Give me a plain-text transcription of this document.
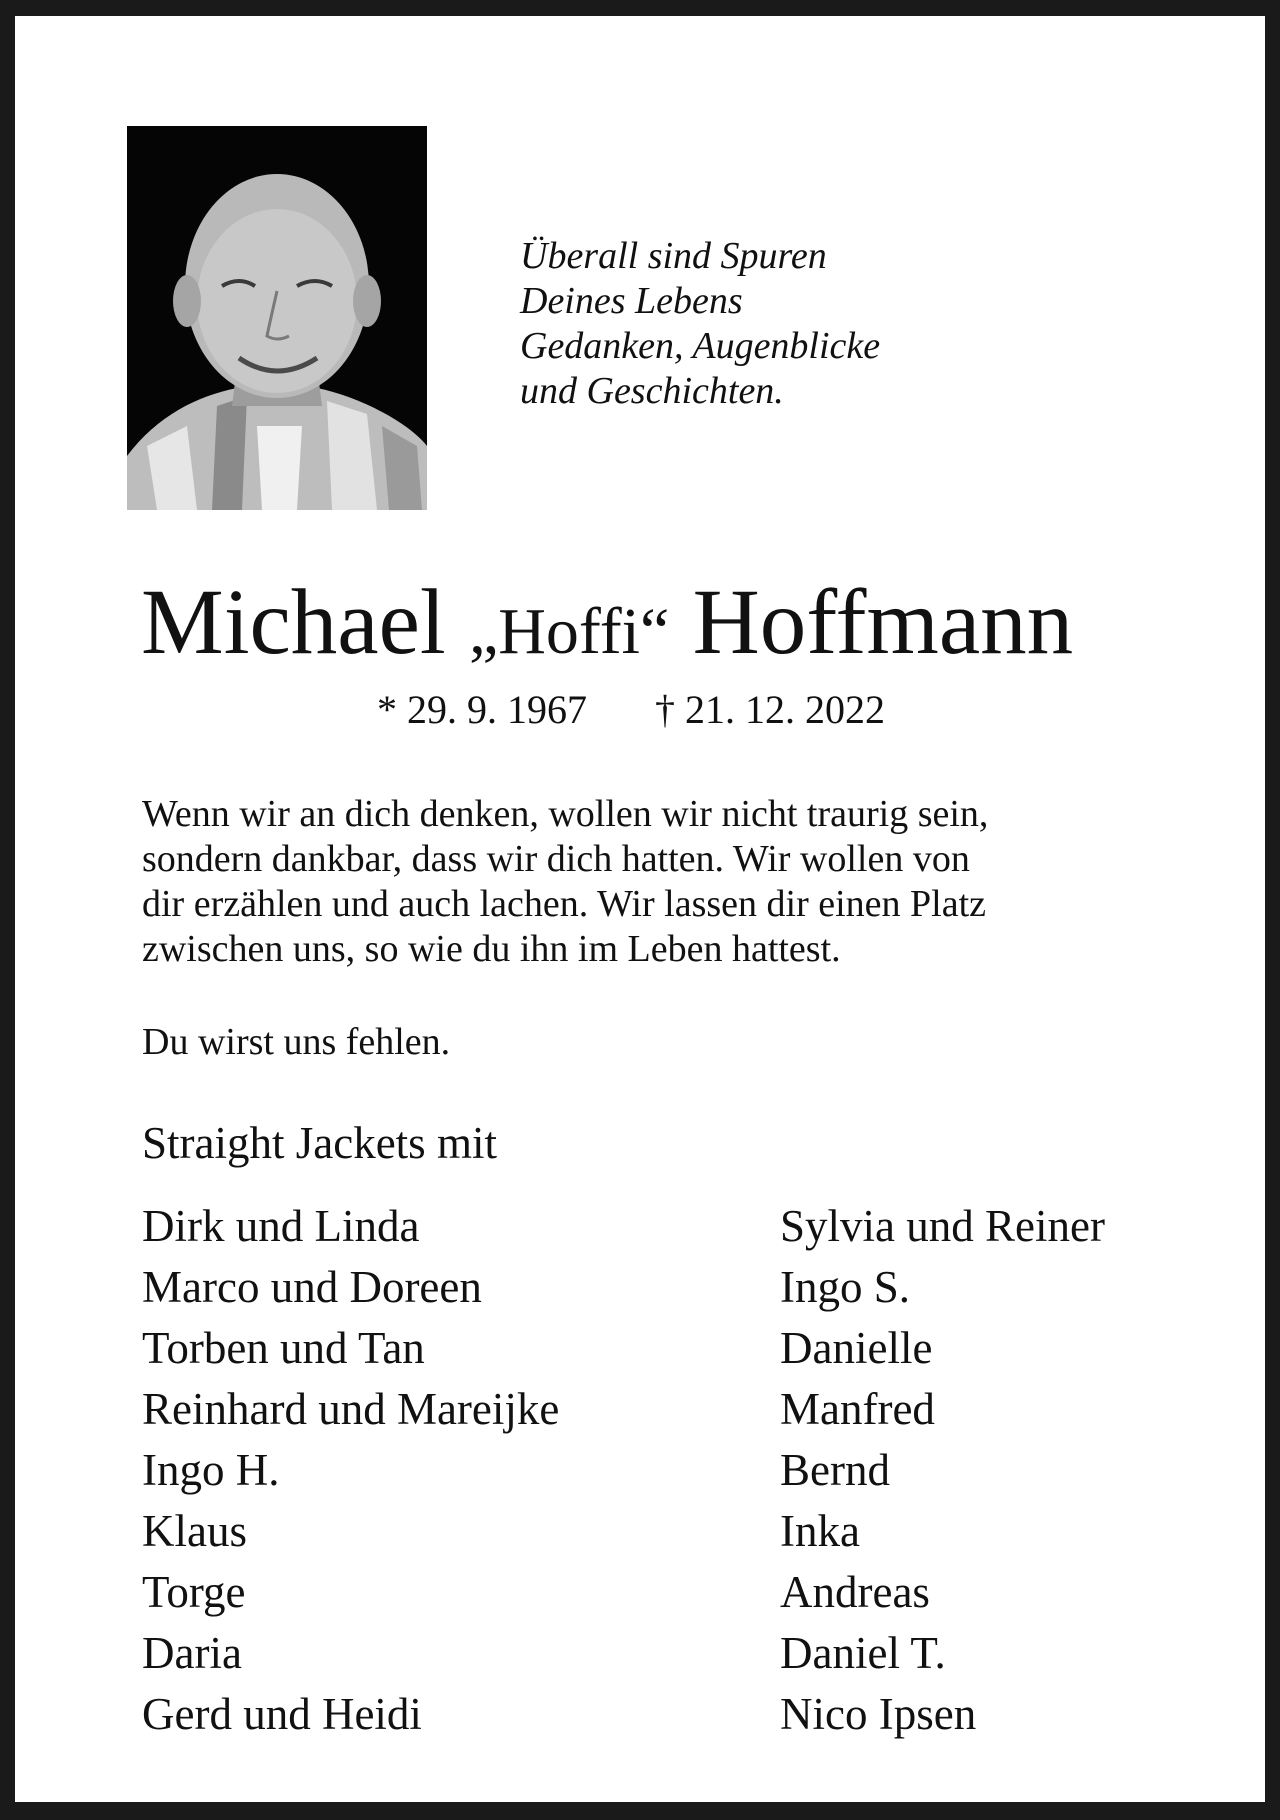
Überall sind Spuren
Deines Lebens
Gedanken, Augenblicke
und Geschichten.
Michael „Hoffi“ Hoffmann
* 29. 9. 1967 † 21. 12. 2022
Wenn wir an dich denken, wollen wir nicht traurig sein,
sondern dankbar, dass wir dich hatten. Wir wollen von
dir erzählen und auch lachen. Wir lassen dir einen Platz
zwischen uns, so wie du ihn im Leben hattest.
Du wirst uns fehlen.
Straight Jackets mit
Dirk und Linda
Marco und Doreen
Torben und Tan
Reinhard und Mareijke
Ingo H.
Klaus
Torge
Daria
Gerd und Heidi
Sylvia und Reiner
Ingo S.
Danielle
Manfred
Bernd
Inka
Andreas
Daniel T.
Nico Ipsen
